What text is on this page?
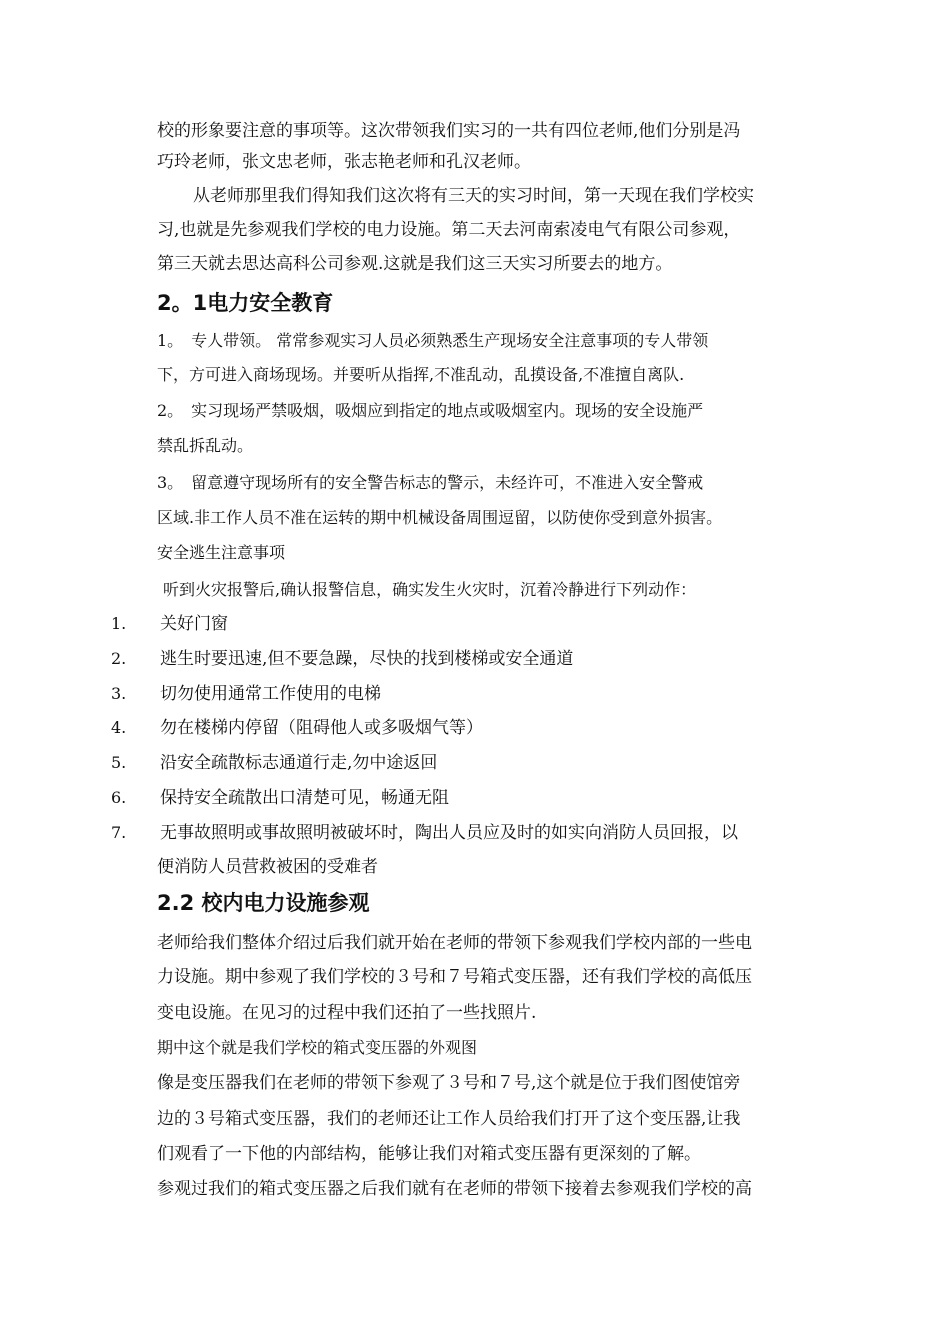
校的形象要注意的事项等。这次带领我们实习的一共有四位老师,他们分别是冯
巧玲老师，张文忠老师，张志艳老师和孔汉老师。
从老师那里我们得知我们这次将有三天的实习时间，第一天现在我们学校实
习,也就是先参观我们学校的电力设施。第二天去河南索凌电气有限公司参观，
第三天就去思达高科公司参观.这就是我们这三天实习所要去的地方。
2。1电力安全教育
1。　专人带领。 常常参观实习人员必须熟悉生产现场安全注意事项的专人带领
下，方可进入商场现场。并要听从指挥,不准乱动，乱摸设备,不准擅自离队.
2。　实习现场严禁吸烟，吸烟应到指定的地点或吸烟室内。现场的安全设施严
禁乱拆乱动。
3。　留意遵守现场所有的安全警告标志的警示，未经许可，不准进入安全警戒
区域.非工作人员不准在运转的期中机械设备周围逗留，以防使你受到意外损害。
安全逃生注意事项
听到火灾报警后,确认报警信息，确实发生火灾时，沉着冷静进行下列动作：
1. 关好门窗
2. 逃生时要迅速,但不要急躁，尽快的找到楼梯或安全通道
3. 切勿使用通常工作使用的电梯
4. 勿在楼梯内停留（阻碍他人或多吸烟气等）
5. 沿安全疏散标志通道行走,勿中途返回
6. 保持安全疏散出口清楚可见，畅通无阻
7. 无事故照明或事故照明被破坏时，陶出人员应及时的如实向消防人员回报，以
便消防人员营救被困的受难者
2.2 校内电力设施参观
老师给我们整体介绍过后我们就开始在老师的带领下参观我们学校内部的一些电
力设施。期中参观了我们学校的３号和７号箱式变压器，还有我们学校的高低压
变电设施。在见习的过程中我们还拍了一些找照片.
期中这个就是我们学校的箱式变压器的外观图
像是变压器我们在老师的带领下参观了３号和７号,这个就是位于我们图使馆旁
边的３号箱式变压器，我们的老师还让工作人员给我们打开了这个变压器,让我
们观看了一下他的内部结构，能够让我们对箱式变压器有更深刻的了解。
参观过我们的箱式变压器之后我们就有在老师的带领下接着去参观我们学校的高
